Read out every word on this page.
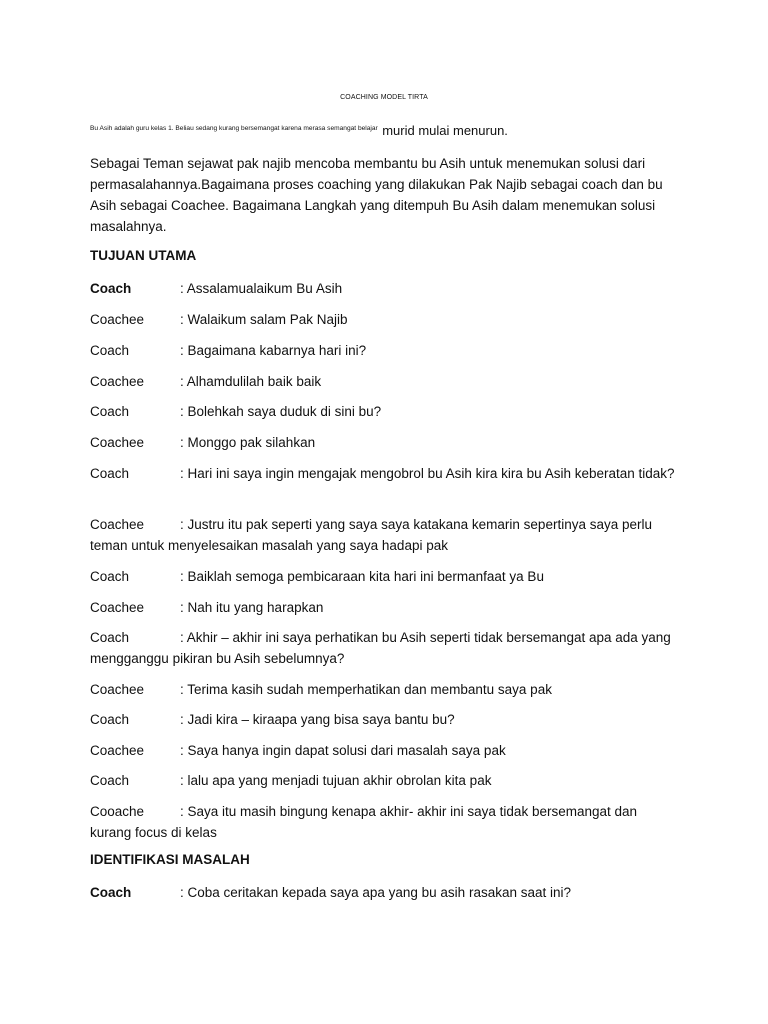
COACHING MODEL TIRTA
$^{Bu Asih adalah guru kelas 1. Beliau sedang kurang bersemangat karena merasa semangat belajar}$ murid mulai menurun.
Sebagai Teman sejawat pak najib mencoba membantu bu Asih untuk menemukan solusi dari permasalahannya.Bagaimana proses coaching yang dilakukan Pak Najib sebagai coach dan bu Asih sebagai Coachee. Bagaimana Langkah yang ditempuh Bu Asih dalam menemukan solusi masalahnya.
TUJUAN UTAMA
Coach	: Assalamualaikum Bu Asih
Coachee	: Walaikum salam Pak Najib
Coach	: Bagaimana kabarnya hari ini?
Coachee	: Alhamdulilah baik baik
Coach	: Bolehkah saya duduk di sini bu?
Coachee	: Monggo pak silahkan
Coach	: Hari ini saya ingin mengajak mengobrol bu Asih kira kira bu Asih keberatan tidak?
Coachee	: Justru itu pak seperti yang saya saya katakana kemarin sepertinya saya perlu teman untuk menyelesaikan masalah yang saya hadapi pak
Coach	: Baiklah semoga pembicaraan kita hari ini bermanfaat ya Bu
Coachee	: Nah itu yang harapkan
Coach	: Akhir – akhir ini saya perhatikan bu Asih seperti tidak bersemangat apa ada yang mengganggu pikiran bu Asih sebelumnya?
Coachee	: Terima kasih sudah memperhatikan dan membantu saya pak
Coach	: Jadi kira – kiraapa yang bisa saya bantu bu?
Coachee	: Saya hanya ingin dapat solusi dari masalah saya pak
Coach	: lalu apa yang menjadi tujuan akhir obrolan kita pak
Cooache	: Saya itu masih bingung kenapa akhir- akhir ini saya tidak bersemangat dan kurang focus di kelas
IDENTIFIKASI MASALAH
Coach	: Coba ceritakan kepada saya apa yang bu asih rasakan saat ini?
